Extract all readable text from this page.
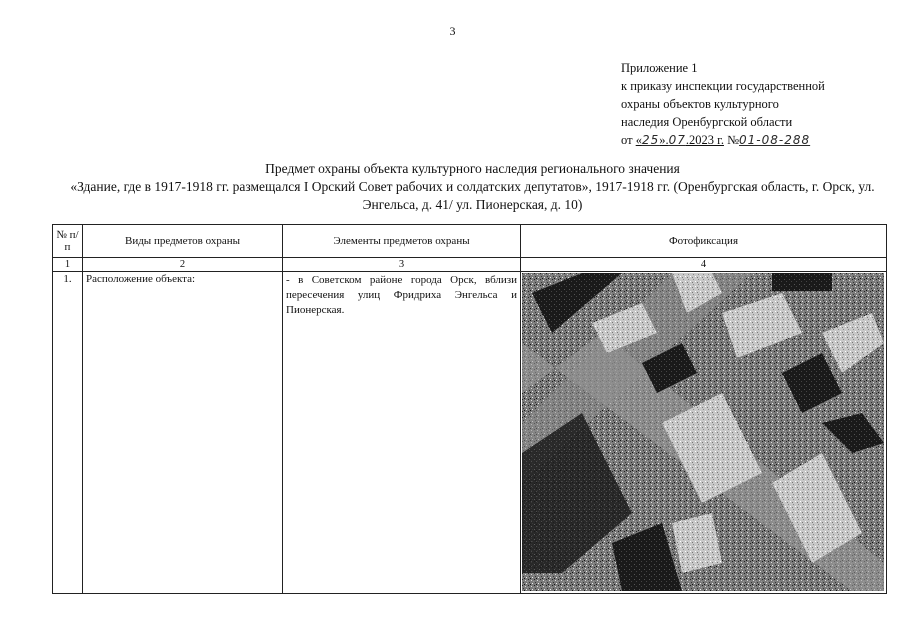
3
Приложение 1
к приказу инспекции государственной
охраны объектов культурного
наследия Оренбургской области
от «25».07.2023 г. №01-08-288
Предмет охраны объекта культурного наследия регионального значения
«Здание, где в 1917-1918 гг. размещался I Орский Совет рабочих и солдатских депутатов», 1917-1918 гг. (Оренбургская область, г. Орск, ул. Энгельса, д. 41/ ул. Пионерская, д. 10)
№ п/п	Виды предметов охраны	Элементы предметов охраны	Фотофиксация
1	2	3	4
1.	Расположение объекта:	- в Советском районе города Орск, вблизи пересечения улиц Фридриха Энгельса и Пионерская.	
